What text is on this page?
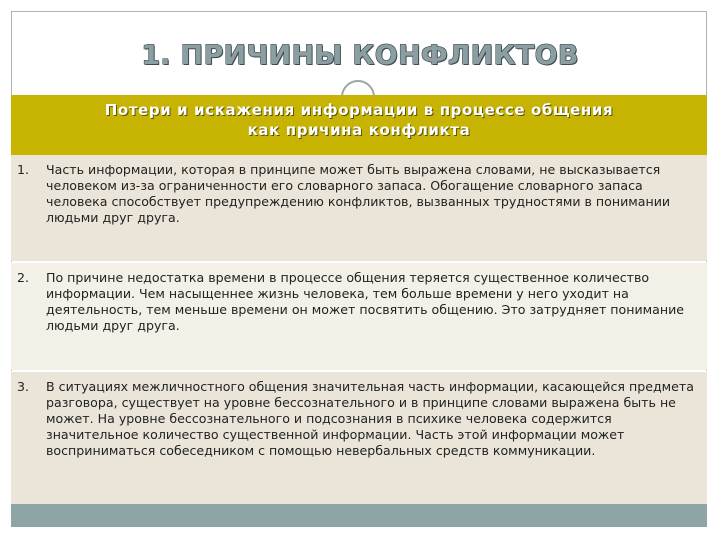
1. ПРИЧИНЫ КОНФЛИКТОВ
Потери и искажения информации в процессе общения
как причина конфликта
1.	Часть информации, которая в принципе может быть выражена словами, не высказывается человеком из-за ограниченности его словарного запаса. Обогащение словарного запаса человека способствует предупреждению конфликтов, вызванных трудностями в понимании людьми друг друга.
2.	По причине недостатка времени в процессе общения теряется существенное количество информации. Чем насыщеннее жизнь человека, тем больше времени у него уходит на деятельность, тем меньше времени он может посвятить общению. Это затрудняет понимание людьми друг друга.
3.	В ситуациях межличностного общения значительная часть информации, касающейся предмета разговора, существует на уровне бессознательного и в принципе словами выражена быть не может. На уровне бессознательного и подсознания в психике человека содержится значительное количество существенной информации. Часть этой информации может восприниматься собеседником с помощью невербальных средств коммуникации.
